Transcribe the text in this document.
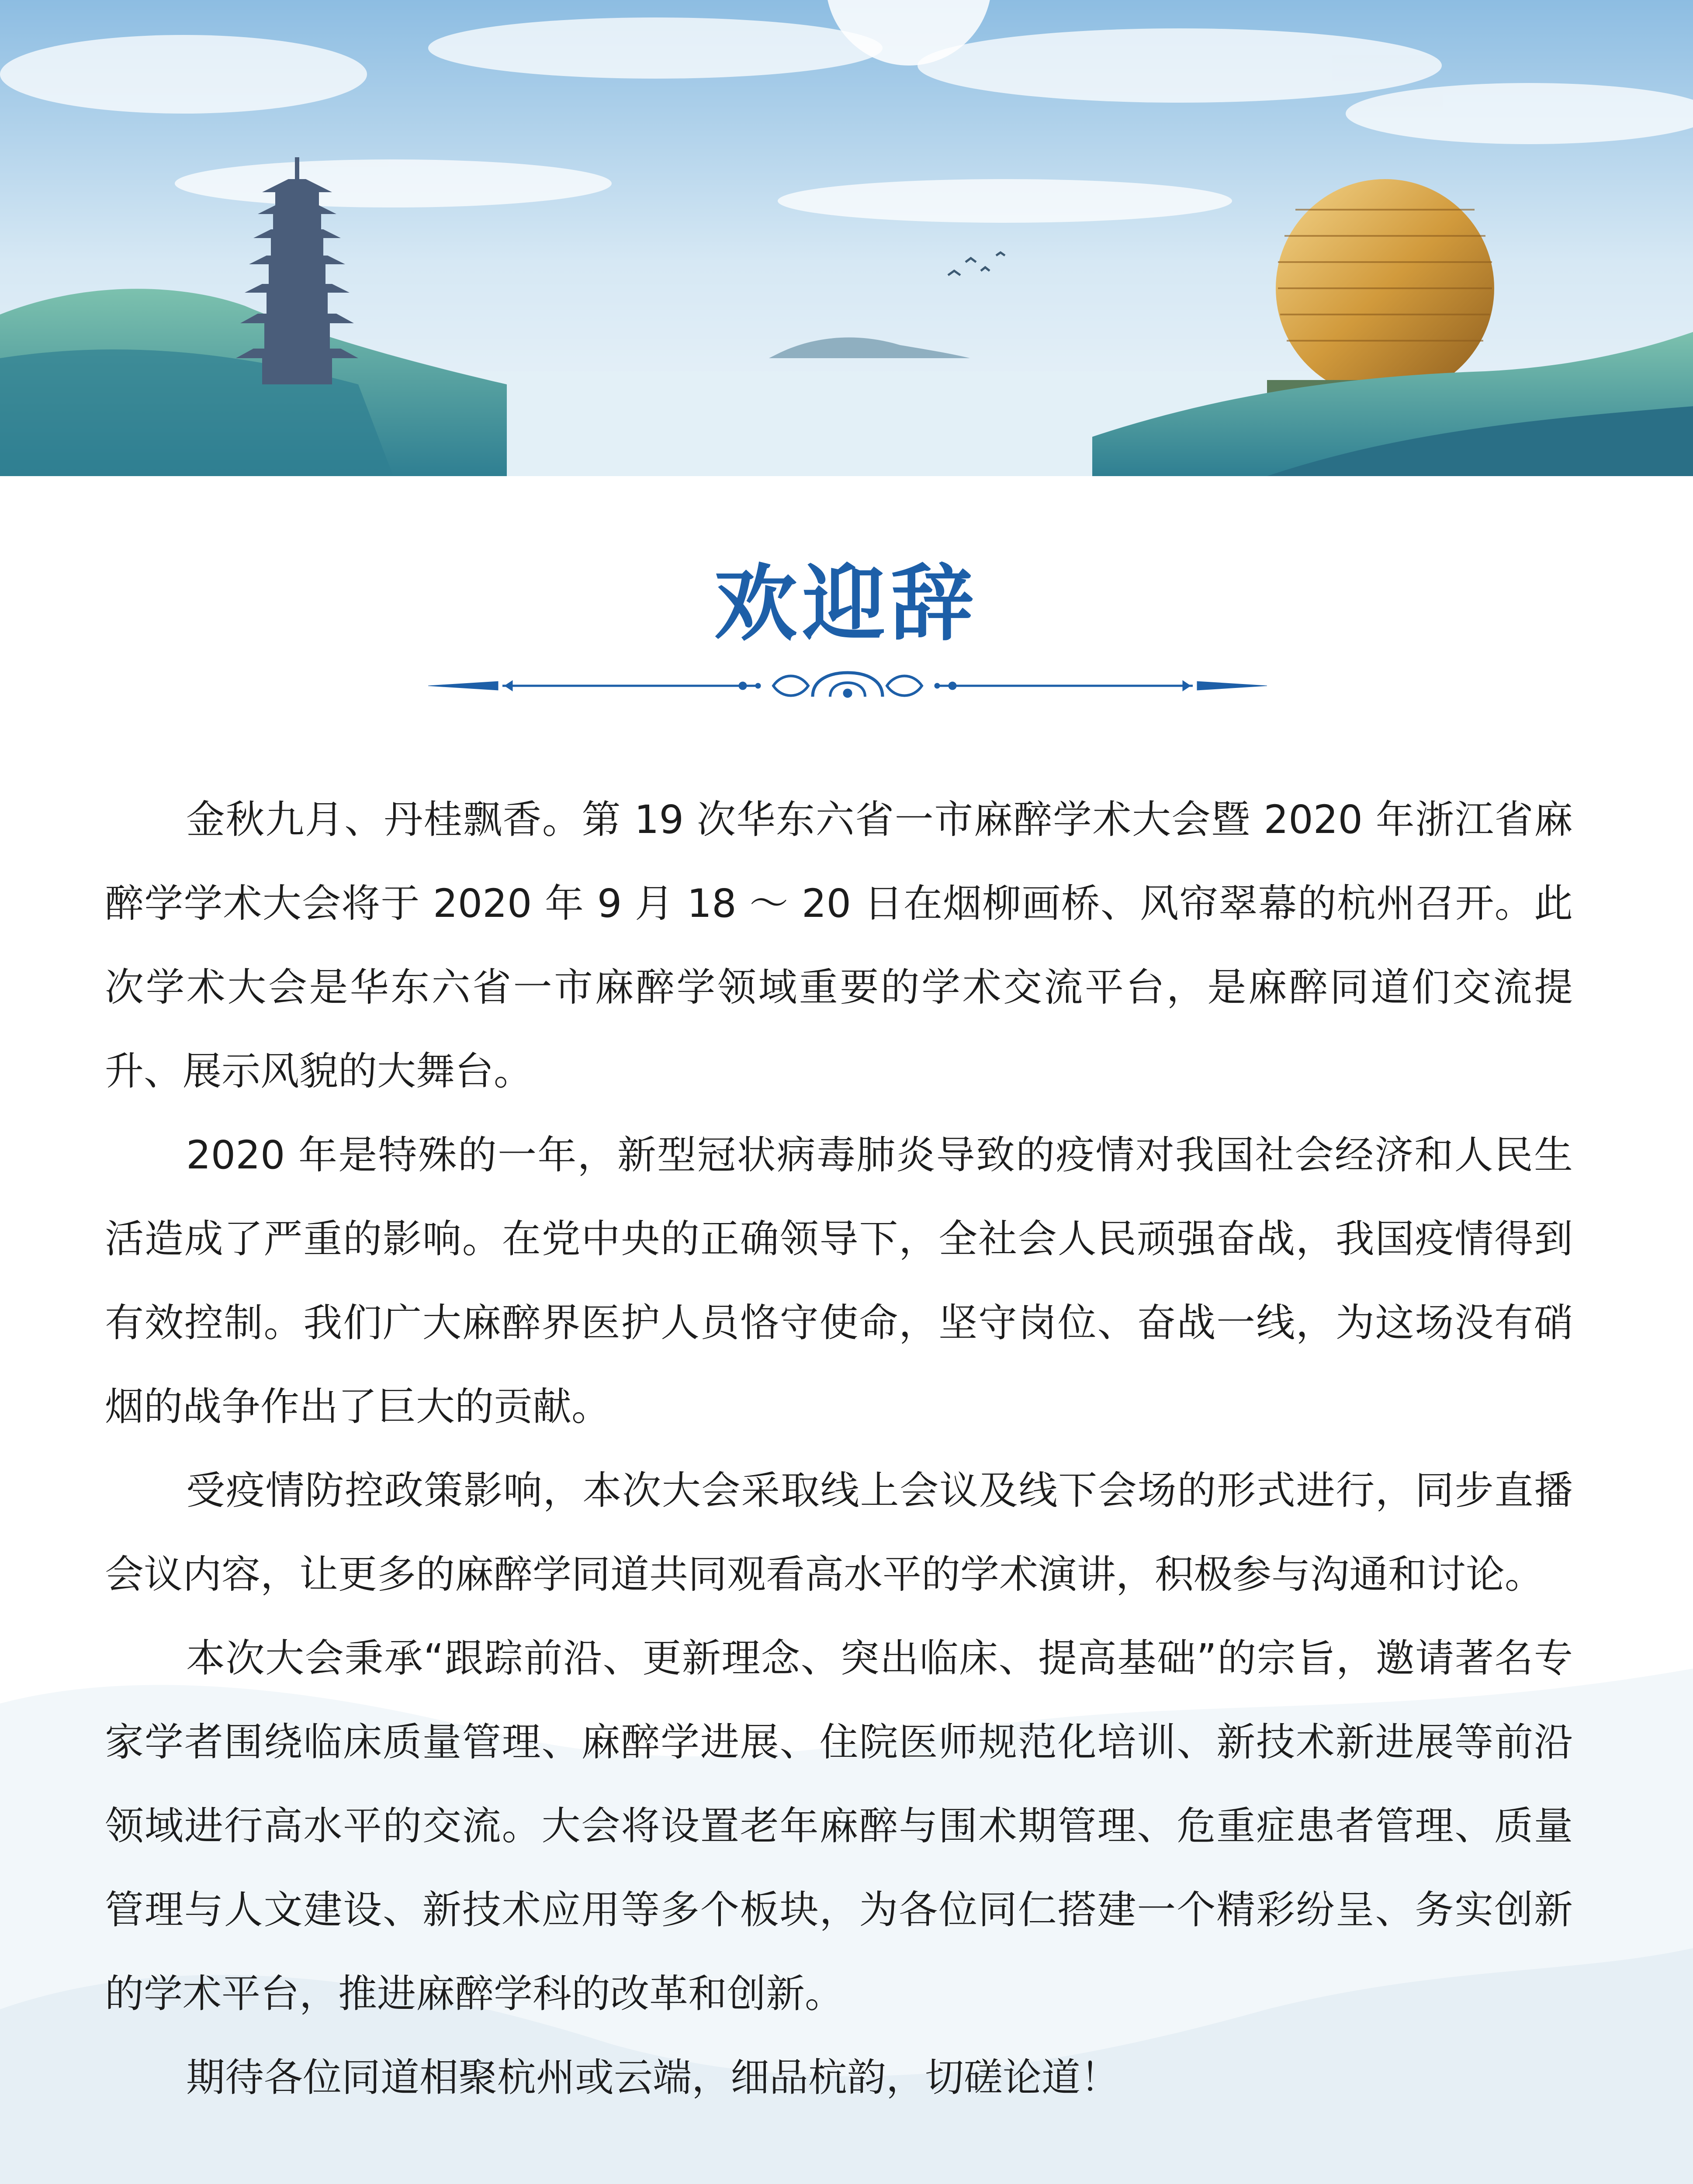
欢迎辞

金秋九月、丹桂飘香。第 19 次华东六省一市麻醉学术大会暨 2020 年浙江省麻醉学学术大会将于 2020 年 9 月 18 ～ 20 日在烟柳画桥、风帘翠幕的杭州召开。此次学术大会是华东六省一市麻醉学领域重要的学术交流平台，是麻醉同道们交流提升、展示风貌的大舞台。

2020 年是特殊的一年，新型冠状病毒肺炎导致的疫情对我国社会经济和人民生活造成了严重的影响。在党中央的正确领导下，全社会人民顽强奋战，我国疫情得到有效控制。我们广大麻醉界医护人员恪守使命，坚守岗位、奋战一线，为这场没有硝烟的战争作出了巨大的贡献。

受疫情防控政策影响，本次大会采取线上会议及线下会场的形式进行，同步直播会议内容，让更多的麻醉学同道共同观看高水平的学术演讲，积极参与沟通和讨论。

本次大会秉承“跟踪前沿、更新理念、突出临床、提高基础”的宗旨，邀请著名专家学者围绕临床质量管理、麻醉学进展、住院医师规范化培训、新技术新进展等前沿领域进行高水平的交流。大会将设置老年麻醉与围术期管理、危重症患者管理、质量管理与人文建设、新技术应用等多个板块，为各位同仁搭建一个精彩纷呈、务实创新的学术平台，推进麻醉学科的改革和创新。

期待各位同道相聚杭州或云端，细品杭韵，切磋论道！
